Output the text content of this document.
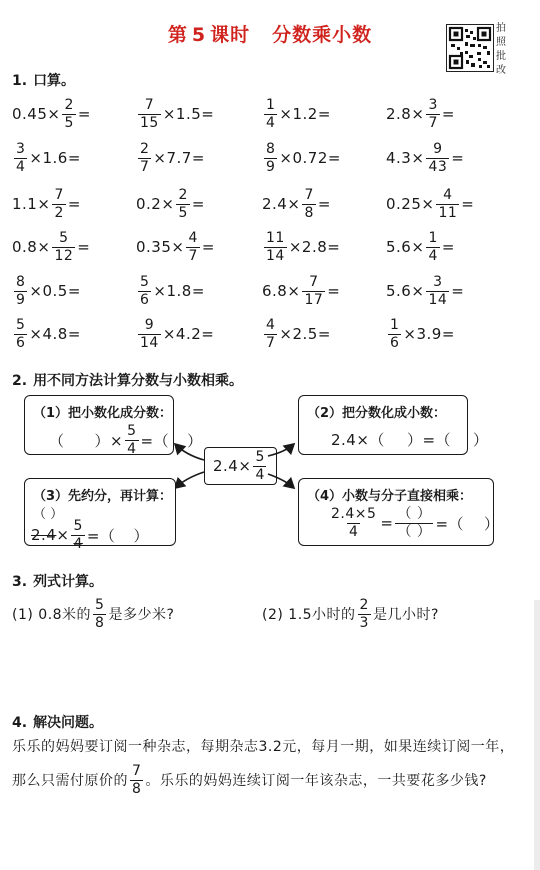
第 5 课时 分数乘小数	拍
照
批
改
1. 口算。
$0.45\times \frac{2}{5}$ =	$\frac{7}{15} \times 1.5=$	$\frac{1}{4} \times 1.2=$	$2.8\times \frac{3}{7}$ =
$\frac{3}{4} \times 1.6=$	$\frac{2}{7} \times 7.7=$	$\frac{8}{9} \times 0.72=$	$4.3\times \frac{9}{43}$ =
$1.1\times \frac{7}{2}$ =	$0.2\times \frac{2}{5}$ =	$2.4\times \frac{7}{8}$ =	$0.25\times \frac{4}{11}$ =
$0.8\times \frac{5}{12}$ =	$0.35\times \frac{4}{7}$ =	$\frac{11}{14} \times 2.8=$	$5.6\times \frac{1}{4}$ =
$\frac{8}{9} \times 0.5=$	$\frac{5}{6} \times 1.8=$	$6.8\times \frac{7}{17}$ =	$5.6\times \frac{3}{14}$ =
$\frac{5}{6} \times 4.8=$	$\frac{9}{14} \times 4.2=$	$\frac{4}{7} \times 2.5=$	$\frac{1}{6} \times 3.9=$
2. 用不同方法计算分数与小数相乘。
（1）把小数化成分数：
（ ）× $\frac{5}{4}$ =（ ）
（2）把分数化成小数：
2.4×（ ）=（ ）
$2.4\times \frac{5}{4}$
（3）先约分，再计算：
（ ）
$2.4 \times \frac{5}{4}$ =（ ）
（4）小数与分子直接相乘：
$\frac{2.4\times 5}{4} = \frac{( )}{( )}$ =（ ）
3. 列式计算。
(1) 0.8米的 $\frac{5}{8}$ 是多少米?	(2) 1.5小时的 $\frac{2}{3}$ 是几小时?
4. 解决问题。
乐乐的妈妈要订阅一种杂志，每期杂志3.2元，每月一期，如果连续订阅一年，
那么只需付原价的 $\frac{7}{8}$ 。乐乐的妈妈连续订阅一年该杂志，一共要花多少钱?
